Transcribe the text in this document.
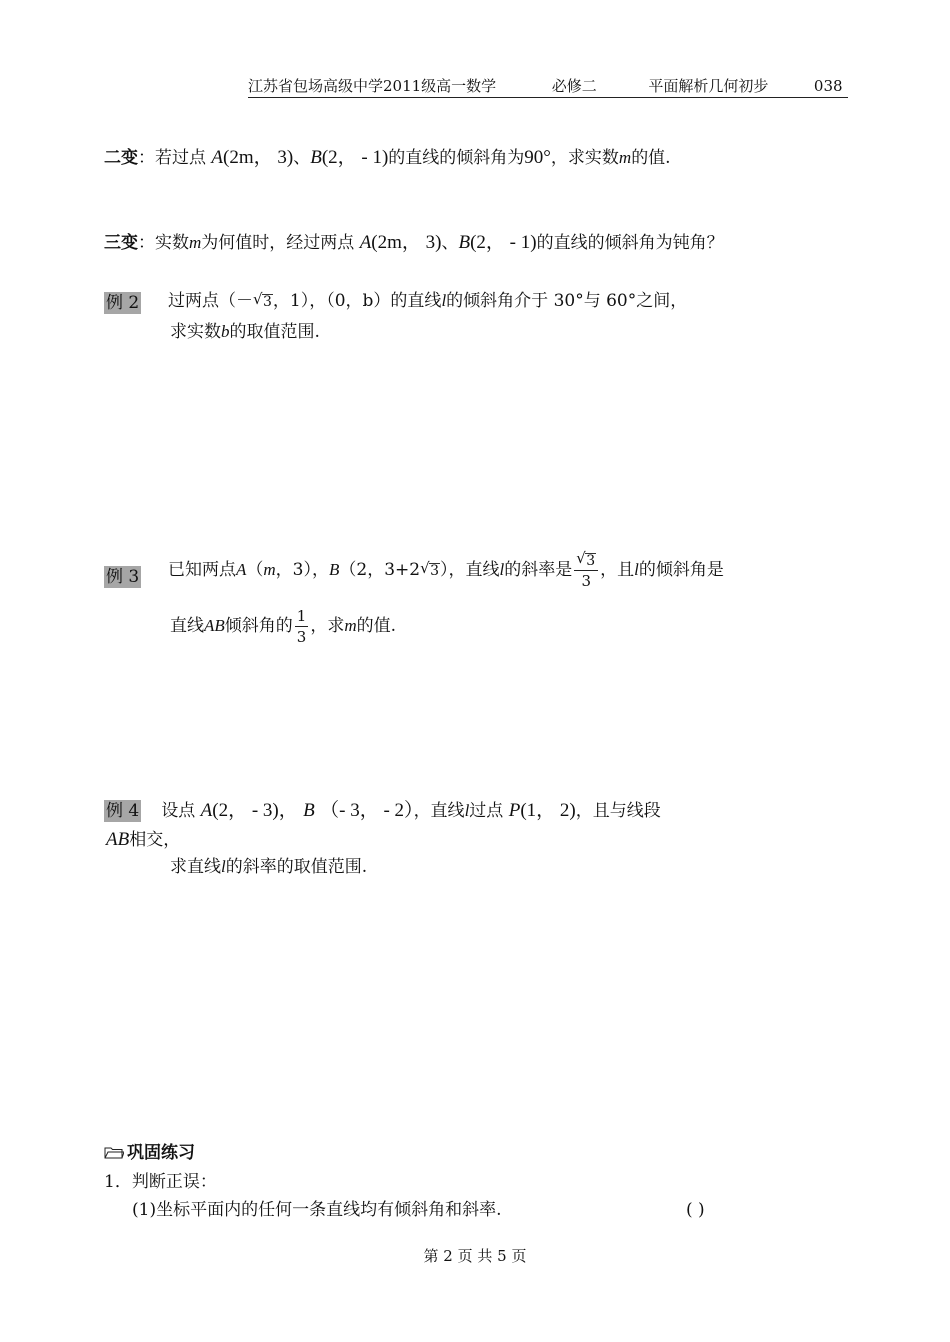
江苏省包场高级中学2011级高一数学	必修二	平面解析几何初步	038
二变：若过点 A(2m， 3)、B(2， - 1)的直线的倾斜角为90°，求实数m的值.
三变：实数m为何值时，经过两点 A(2m， 3)、B(2， - 1)的直线的倾斜角为钝角？
例 2 过两点（－ √ 3，1），（0，b）的直线l的倾斜角介于 30°与 60°之间，
求实数b的取值范围.
例 3 已知两点A（m，3），B（2，3+2 √ 3），直线l的斜率是 $\frac{√ 3}{3}$ ，且l的倾斜角是
直线AB倾斜角的 $\frac{1}{3}$ ，求m的值.
例 4 设点 A(2， - 3)， B （- 3， - 2），直线l过点 P(1， 2)，且与线段
AB相交，
求直线l的斜率的取值范围.
巩固练习
1．判断正误：
(1)坐标平面内的任何一条直线均有倾斜角和斜率.	( )
第 2 页 共 5 页
